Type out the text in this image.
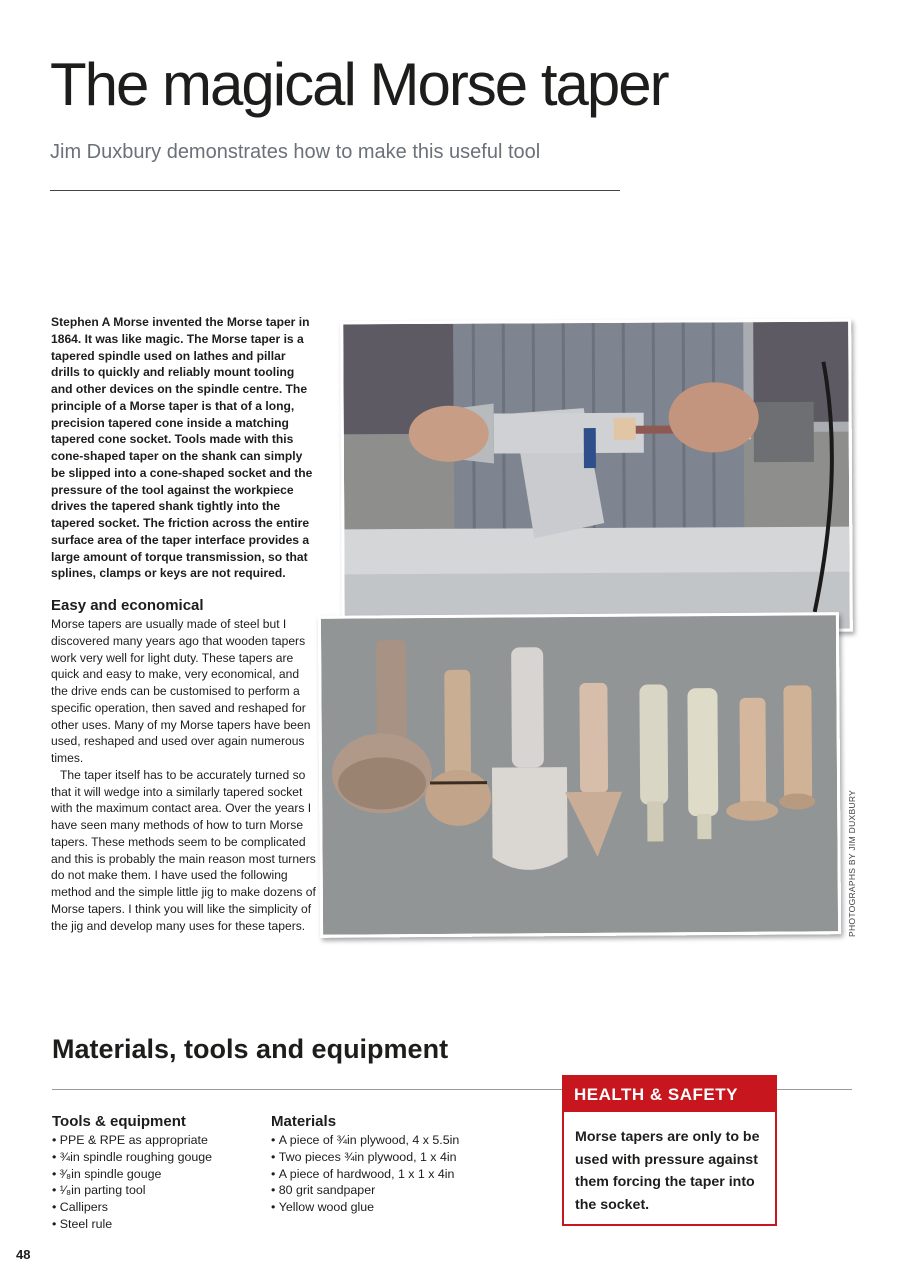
The magical Morse taper

Jim Duxbury demonstrates how to make this useful tool

Stephen A Morse invented the Morse taper in 1864. It was like magic. The Morse taper is a tapered spindle used on lathes and pillar drills to quickly and reliably mount tooling and other devices on the spindle centre. The principle of a Morse taper is that of a long, precision tapered cone inside a matching tapered cone socket. Tools made with this cone-shaped taper on the shank can simply be slipped into a cone-shaped socket and the pressure of the tool against the workpiece drives the tapered shank tightly into the tapered socket. The friction across the entire surface area of the taper interface provides a large amount of torque transmission, so that splines, clamps or keys are not required.

Easy and economical

Morse tapers are usually made of steel but I discovered many years ago that wooden tapers work very well for light duty. These tapers are quick and easy to make, very economical, and the drive ends can be customised to perform a specific operation, then saved and reshaped for other uses. Many of my Morse tapers have been used, reshaped and used over again numerous times.

The taper itself has to be accurately turned so that it will wedge into a similarly tapered socket with the maximum contact area. Over the years I have seen many methods of how to turn Morse tapers. These methods seem to be complicated and this is probably the main reason most turners do not make them. I have used the following method and the simple little jig to make dozens of Morse tapers. I think you will like the simplicity of the jig and develop many uses for these tapers.	PHOTOGRAPHS BY JIM DUXBURY
Materials, tools and equipment
Tools & equipment
• PPE & RPE as appropriate
• ¾in spindle roughing gouge
• ³⁄₈in spindle gouge
• ¹⁄₈in parting tool
• Callipers
• Steel rule
Materials
• A piece of ¾in plywood, 4 x 5.5in
• Two pieces ¾in plywood, 1 x 4in
• A piece of hardwood, 1 x 1 x 4in
• 80 grit sandpaper
• Yellow wood glue
HEALTH & SAFETY
Morse tapers are only to be used with pressure against them forcing the taper into the socket.
48
